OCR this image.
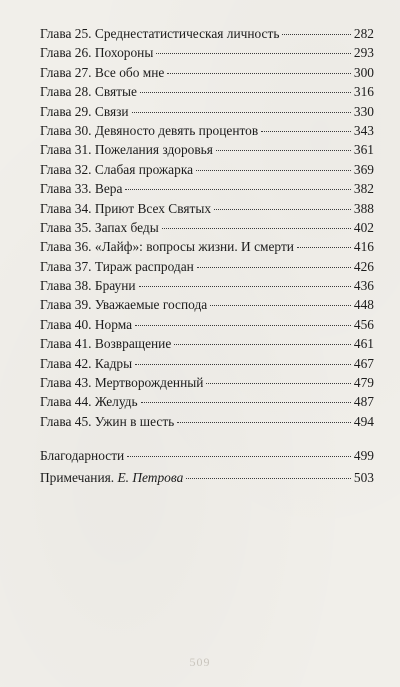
Глава 25. Среднестатистическая личность	282
Глава 26. Похороны	293
Глава 27. Все обо мне	300
Глава 28. Святые	316
Глава 29. Связи	330
Глава 30. Девяносто девять процентов	343
Глава 31. Пожелания здоровья	361
Глава 32. Слабая прожарка	369
Глава 33. Вера	382
Глава 34. Приют Всех Святых	388
Глава 35. Запах беды	402
Глава 36. «Лайф»: вопросы жизни. И смерти	416
Глава 37. Тираж распродан	426
Глава 38. Брауни	436
Глава 39. Уважаемые господа	448
Глава 40. Норма	456
Глава 41. Возвращение	461
Глава 42. Кадры	467
Глава 43. Мертворожденный	479
Глава 44. Желудь	487
Глава 45. Ужин в шесть	494
Благодарности	499
Примечания. Е. Петрова	503
509
